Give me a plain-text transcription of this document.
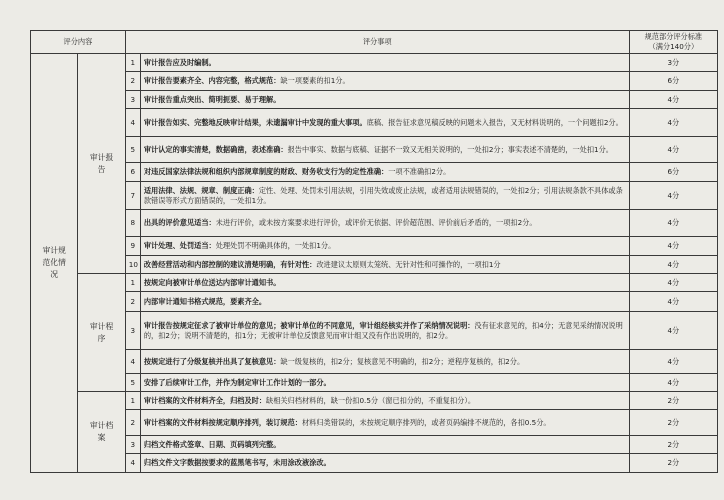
评分内容		评分事项		规范部分评分标准
（满分140分）

审计规范化情况	审计报告	1	审计报告应及时编制。	3分
		2	审计报告要素齐全、内容完整，格式规范：缺一项要素的扣1分。	6分
		3	审计报告重点突出、简明扼要、易于理解。	4分
		4	审计报告如实、完整地反映审计结果，未遗漏审计中发现的重大事项。底稿、报告征求意见稿反映的问题未入报告，又无材料说明的，一个问题扣2分。	4分
		5	审计认定的事实清楚，数据确凿，表述准确：报告中事实、数据与底稿、证据不一致又无相关说明的，一处扣2分；事实表述不清楚的，一处扣1分。	4分
		6	对违反国家法律法规和组织内部规章制度的财政、财务收支行为的定性准确：一项不准确扣2分。	6分
		7	适用法律、法规、规章、制度正确：定性、处理、处罚未引用法规，引用失效或废止法规，或者适用法规错误的，一处扣2分；引用法规条款不具体或条款错误等形式方面错误的，一处扣1分。	4分
		8	出具的评价意见适当：未进行评价，或未按方案要求进行评价，或评价无依据、评价超范围、评价前后矛盾的，一项扣2分。	4分
		9	审计处理、处罚适当：处理处罚不明确具体的，一处扣1分。	4分
		10	改善经营活动和内部控制的建议清楚明确，有针对性：改进建议太原则太笼统、无针对性和可操作的，一项扣1分	4分
	审计程序	1	按规定向被审计单位送达内部审计通知书。	4分
		2	内部审计通知书格式规范，要素齐全。	4分
		3	审计报告按规定征求了被审计单位的意见；被审计单位的不同意见，审计组经核实并作了采纳情况说明：没有征求意见的，扣4分；无意见采纳情况说明的，扣2分；说明不清楚的，扣1分；无被审计单位反馈意见而审计组又没有作出说明的，扣2分。	4分
		4	按规定进行了分级复核并出具了复核意见：缺一级复核的，扣2分；复核意见不明确的，扣2分；逆程序复核的，扣2分。	4分
		5	安排了后续审计工作，并作为制定审计工作计划的一部分。	4分
	审计档案	1	审计档案的文件材料齐全，归档及时：缺相关归档材料的，缺一份扣0.5分（窗已扣分的，不重复扣分）。	2分
		2	审计档案的文件材料按规定顺序排列，装订规范：材料归类错误的，未按规定顺序排列的，或者页码编排不规范的，各扣0.5分。	2分
		3	归档文件格式签章、日期、页码填列完整。	2分
		4	归档文件文字数据按要求的蓝黑笔书写，未用涂改液涂改。	2分
